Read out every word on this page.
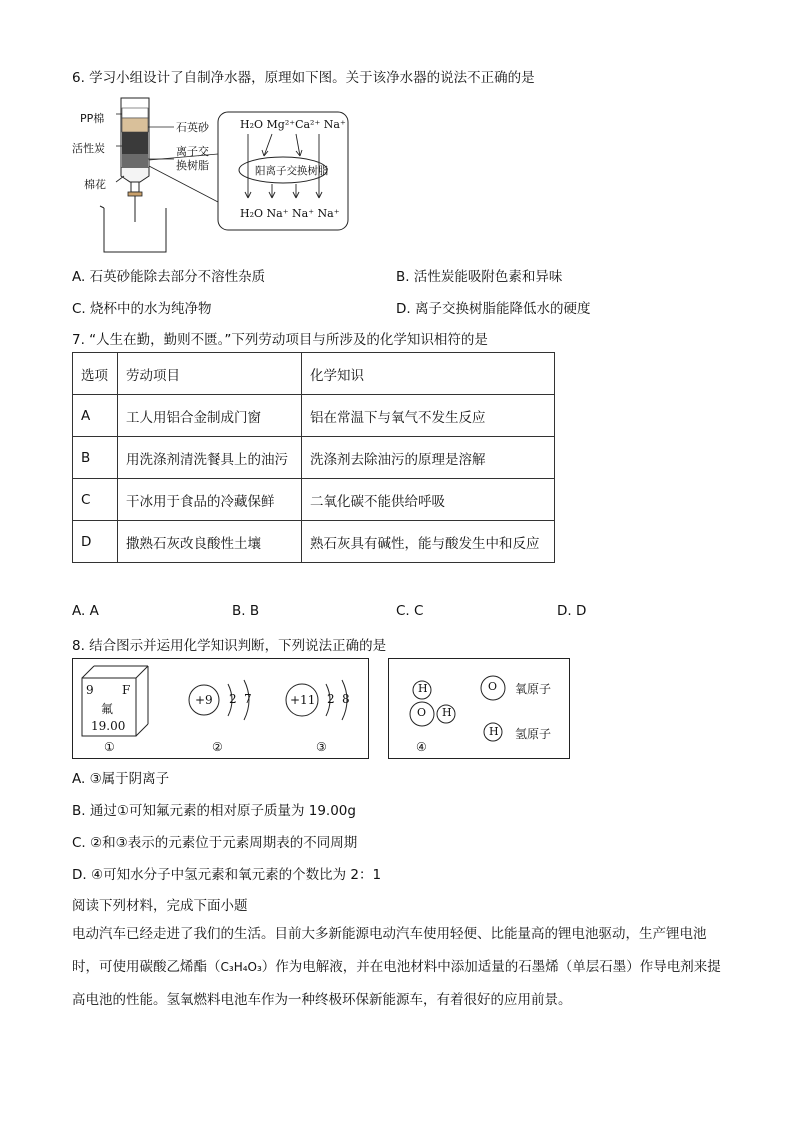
6. 学习小组设计了自制净水器，原理如下图。关于该净水器的说法不正确的是
PP棉
石英砂
活性炭	离子交
换树脂
棉花
H₂O Mg²⁺Ca²⁺ Na⁺
阳离子交换树脂
H₂O Na⁺ Na⁺ Na⁺
A. 石英砂能除去部分不溶性杂质	B. 活性炭能吸附色素和异味
C. 烧杯中的水为纯净物	D. 离子交换树脂能降低水的硬度
7. “人生在勤，勤则不匮。”下列劳动项目与所涉及的化学知识相符的是
选项	劳动项目	化学知识
A	工人用铝合金制成门窗	铝在常温下与氧气不发生反应
B	用洗涤剂清洗餐具上的油污	洗涤剂去除油污的原理是溶解
C	干冰用于食品的冷藏保鲜	二氧化碳不能供给呼吸
D	撒熟石灰改良酸性土壤	熟石灰具有碱性，能与酸发生中和反应
A. A	B. B	C. C	D. D
8. 结合图示并运用化学知识判断，下列说法正确的是
9 F
氟
19.00
+9 2 7	+11 2 8
①	②	③	④
H
O H
O 氧原子
H 氢原子
A. ③属于阴离子
B. 通过①可知氟元素的相对原子质量为 19.00g
C. ②和③表示的元素位于元素周期表的不同周期
D. ④可知水分子中氢元素和氧元素的个数比为 2：1
阅读下列材料，完成下面小题
电动汽车已经走进了我们的生活。目前大多新能源电动汽车使用轻便、比能量高的锂电池驱动，生产锂电池时，可使用碳酸乙烯酯（C₃H₄O₃）作为电解液，并在电池材料中添加适量的石墨烯（单层石墨）作导电剂来提高电池的性能。氢氧燃料电池车作为一种终极环保新能源车，有着很好的应用前景。
